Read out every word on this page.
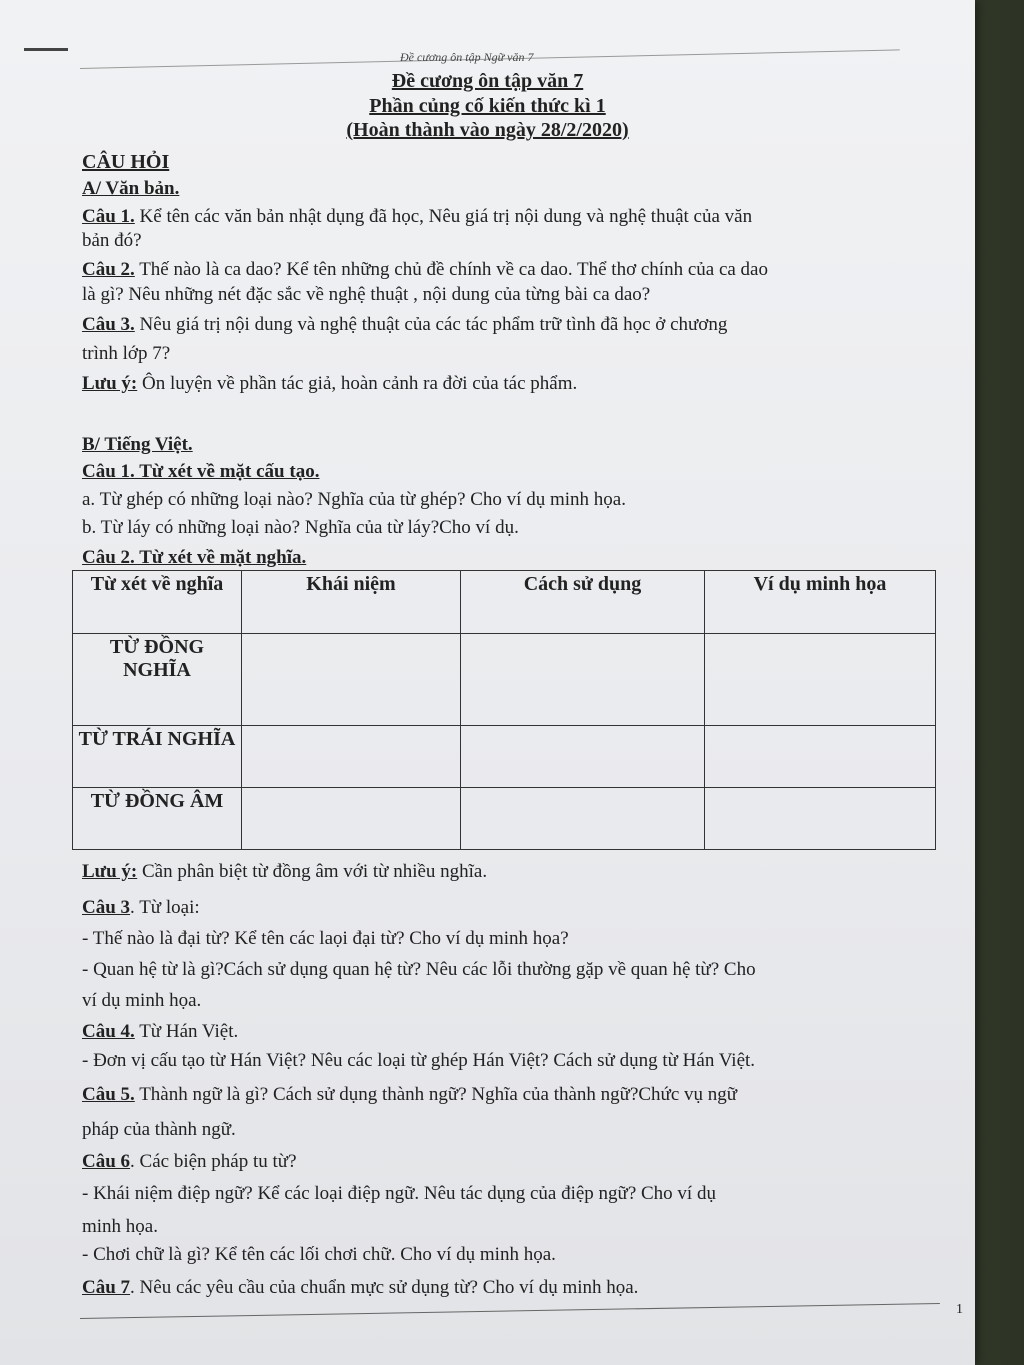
Đề cương ôn tập Ngữ văn 7
Đề cương ôn tập văn 7
Phần củng cố kiến thức kì 1
(Hoàn thành vào ngày 28/2/2020)
CÂU HỎI
A/ Văn bản.
Câu 1. Kể tên các văn bản nhật dụng đã học, Nêu giá trị nội dung và nghệ thuật của văn
bản đó?
Câu 2. Thế nào là ca dao? Kể tên những chủ đề chính về ca dao. Thể thơ chính của ca dao
là gì? Nêu những nét đặc sắc về nghệ thuật , nội dung của từng bài ca dao?
Câu 3. Nêu giá trị nội dung và nghệ thuật của các tác phẩm trữ tình đã học ở chương
trình lớp 7?
Lưu ý: Ôn luyện về phần tác giả, hoàn cảnh ra đời của tác phẩm.
B/ Tiếng Việt.
Câu 1. Từ xét về mặt cấu tạo.
a. Từ ghép có những loại nào? Nghĩa của từ ghép? Cho ví dụ minh họa.
b. Từ láy có những loại nào? Nghĩa của từ láy?Cho ví dụ.
Câu 2. Từ xét về mặt nghĩa.
Từ xét về nghĩa	Khái niệm	Cách sử dụng	Ví dụ minh họa
TỪ ĐỒNG NGHĨA			
TỪ TRÁI NGHĨA			
TỪ ĐỒNG ÂM			
Lưu ý: Cần phân biệt từ đồng âm với từ nhiều nghĩa.
Câu 3. Từ loại:
- Thế nào là đại từ? Kể tên các laọi đại từ? Cho ví dụ minh họa?
- Quan hệ từ là gì?Cách sử dụng quan hệ từ? Nêu các lỗi thường gặp về quan hệ từ? Cho
ví dụ minh họa.
Câu 4. Từ Hán Việt.
- Đơn vị cấu tạo từ Hán Việt? Nêu các loại từ ghép Hán Việt? Cách sử dụng từ Hán Việt.
Câu 5. Thành ngữ là gì? Cách sử dụng thành ngữ? Nghĩa của thành ngữ?Chức vụ ngữ
pháp của thành ngữ.
Câu 6. Các biện pháp tu từ?
- Khái niệm điệp ngữ? Kể các loại điệp ngữ. Nêu tác dụng của điệp ngữ? Cho ví dụ
minh họa.
- Chơi chữ là gì? Kể tên các lối chơi chữ. Cho ví dụ minh họa.
Câu 7. Nêu các yêu cầu của chuẩn mực sử dụng từ? Cho ví dụ minh họa.
1
